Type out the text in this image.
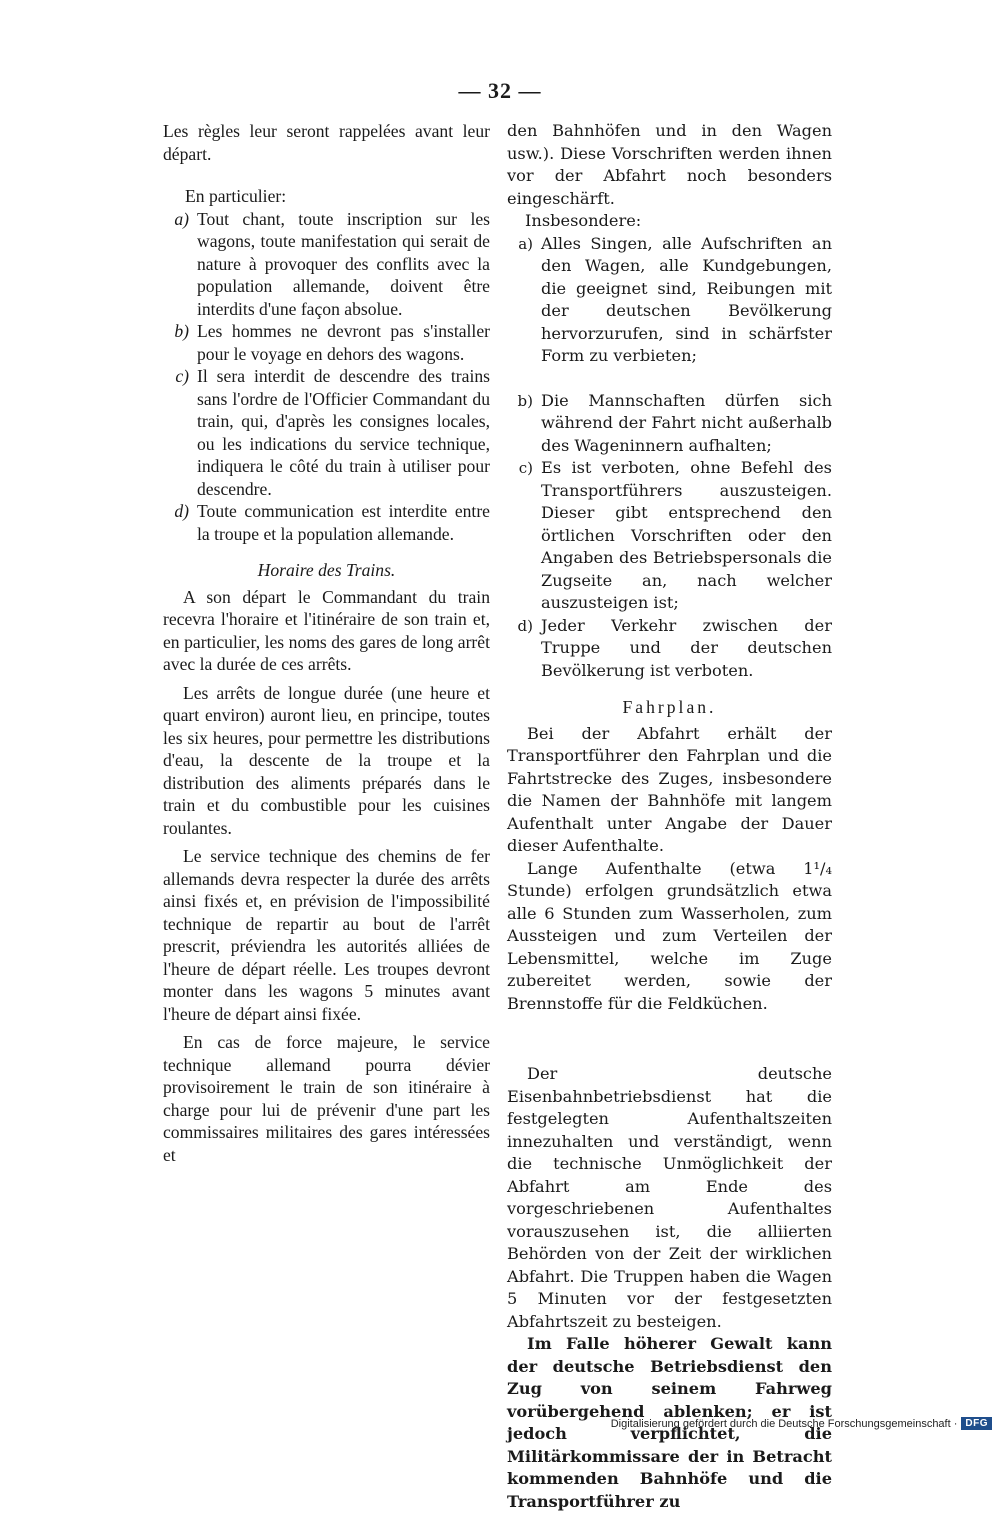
— 32 —

Les règles leur seront rappelées avant leur départ.

En particulier:

a) Tout chant, toute inscription sur les wagons, toute manifestation qui serait de nature à provoquer des conflits avec la population allemande, doivent être interdits d'une façon absolue.
b) Les hommes ne devront pas s'installer pour le voyage en dehors des wagons.
c) Il sera interdit de descendre des trains sans l'ordre de l'Officier Commandant du train, qui, d'après les consignes locales, ou les indications du service technique, indiquera le côté du train à utiliser pour descendre.
d) Toute communication est interdite entre la troupe et la population allemande.

Horaire des Trains.

A son départ le Commandant du train recevra l'horaire et l'itinéraire de son train et, en particulier, les noms des gares de long arrêt avec la durée de ces arrêts.

Les arrêts de longue durée (une heure et quart environ) auront lieu, en principe, toutes les six heures, pour permettre les distributions d'eau, la descente de la troupe et la distribution des aliments préparés dans le train et du combustible pour les cuisines roulantes.

Le service technique des chemins de fer allemands devra respecter la durée des arrêts ainsi fixés et, en prévision de l'impossibilité technique de repartir au bout de l'arrêt prescrit, préviendra les autorités alliées de l'heure de départ réelle. Les troupes devront monter dans les wagons 5 minutes avant l'heure de départ ainsi fixée.

En cas de force majeure, le service technique allemand pourra dévier provisoirement le train de son itinéraire à charge pour lui de prévenir d'une part les commissaires militaires des gares intéressées et

den Bahnhöfen und in den Wagen usw.). Diese Vorschriften werden ihnen vor der Abfahrt noch besonders eingeschärft.

Insbesondere:

a) Alles Singen, alle Aufschriften an den Wagen, alle Kundgebungen, die geeignet sind, Reibungen mit der deutschen Bevölkerung hervorzurufen, sind in schärfster Form zu verbieten;
b) Die Mannschaften dürfen sich während der Fahrt nicht außerhalb des Wageninnern aufhalten;
c) Es ist verboten, ohne Befehl des Transportführers auszusteigen. Dieser gibt entsprechend den örtlichen Vorschriften oder den Angaben des Betriebspersonals die Zugseite an, nach welcher auszusteigen ist;
d) Jeder Verkehr zwischen der Truppe und der deutschen Bevölkerung ist verboten.

Fahrplan.

Bei der Abfahrt erhält der Transportführer den Fahrplan und die Fahrtstrecke des Zuges, insbesondere die Namen der Bahnhöfe mit langem Aufenthalt unter Angabe der Dauer dieser Aufenthalte.

Lange Aufenthalte (etwa 1¹/₄ Stunde) erfolgen grundsätzlich etwa alle 6 Stunden zum Wasserholen, zum Aussteigen und zum Verteilen der Lebensmittel, welche im Zuge zubereitet werden, sowie der Brennstoffe für die Feldküchen.

Der deutsche Eisenbahnbetriebsdienst hat die festgelegten Aufenthaltszeiten innezuhalten und verständigt, wenn die technische Unmöglichkeit der Abfahrt am Ende des vorgeschriebenen Aufenthaltes vorauszusehen ist, die alliierten Behörden von der Zeit der wirklichen Abfahrt. Die Truppen haben die Wagen 5 Minuten vor der festgesetzten Abfahrtszeit zu besteigen.

Im Falle höherer Gewalt kann der deutsche Betriebsdienst den Zug von seinem Fahrweg vorübergehend ablenken; er ist jedoch verpflichtet, die Militärkommissare der in Betracht kommenden Bahnhöfe und die Transportführer zu

Digitalisierung gefördert durch die Deutsche Forschungsgemeinschaft · DFG
